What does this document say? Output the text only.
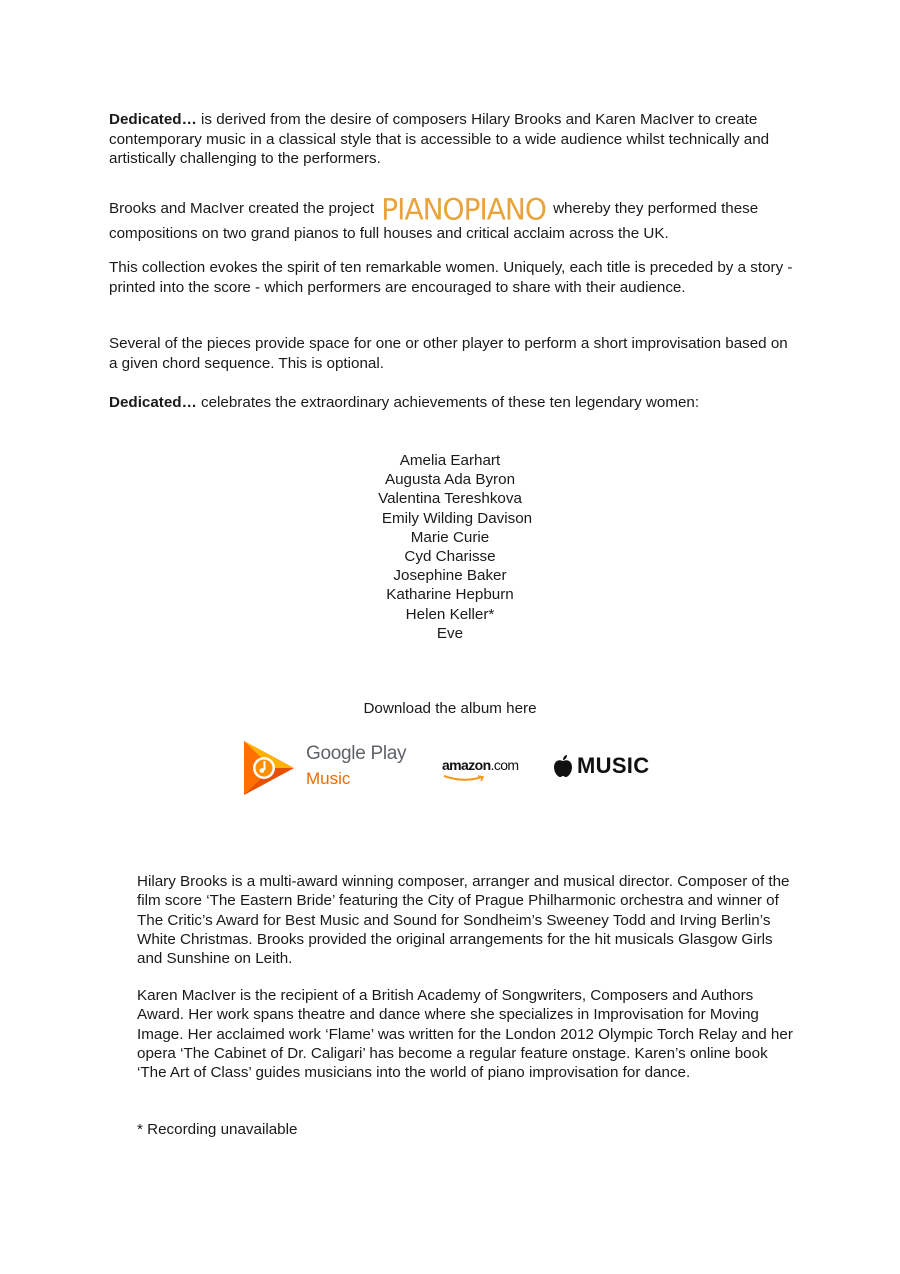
Dedicated… is derived from the desire of composers Hilary Brooks and Karen MacIver to create contemporary music in a classical style that is accessible to a wide audience whilst technically and artistically challenging to the performers.

Brooks and MacIver created the project PIANOPIANO whereby they performed these compositions on two grand pianos to full houses and critical acclaim across the UK.

This collection evokes the spirit of ten remarkable women. Uniquely, each title is preceded by a story - printed into the score - which performers are encouraged to share with their audience.

Several of the pieces provide space for one or other player to perform a short improvisation based on a given chord sequence. This is optional.

Dedicated… celebrates the extraordinary achievements of these ten legendary women:

Amelia Earhart
Augusta Ada Byron
Valentina Tereshkova
Emily Wilding Davison
Marie Curie
Cyd Charisse
Josephine Baker
Katharine Hepburn
Helen Keller*
Eve
Download the album here
Google Play
Music
amazon.com	MUSIC

Hilary Brooks is a multi-award winning composer, arranger and musical director. Composer of the film score ‘The Eastern Bride’ featuring the City of Prague Philharmonic orchestra and winner of The Critic’s Award for Best Music and Sound for Sondheim’s Sweeney Todd and Irving Berlin’s White Christmas. Brooks provided the original arrangements for the hit musicals Glasgow Girls and Sunshine on Leith.

Karen MacIver is the recipient of a British Academy of Songwriters, Composers and Authors Award. Her work spans theatre and dance where she specializes in Improvisation for Moving Image. Her acclaimed work ‘Flame’ was written for the London 2012 Olympic Torch Relay and her opera ‘The Cabinet of Dr. Caligari’ has become a regular feature onstage. Karen’s online book ‘The Art of Class’ guides musicians into the world of piano improvisation for dance.

* Recording unavailable
